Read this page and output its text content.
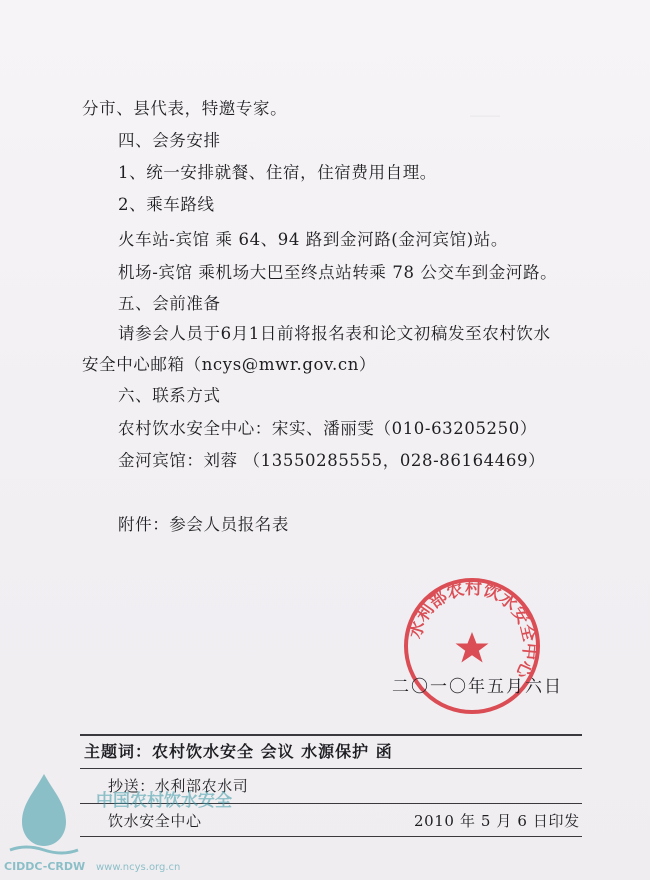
＿
分市、县代表，特邀专家。
四、会务安排
1、统一安排就餐、住宿，住宿费用自理。
2、乘车路线
火车站-宾馆 乘 64、94 路到金河路(金河宾馆)站。
机场-宾馆 乘机场大巴至终点站转乘 78 公交车到金河路。
五、会前准备
请参会人员于6月1日前将报名表和论文初稿发至农村饮水
安全中心邮箱（ncys@mwr.gov.cn）
六、联系方式
农村饮水安全中心：宋实、潘丽雯（010-63205250）
金河宾馆：刘蓉 （13550285555，028-86164469）
附件：参会人员报名表
水利部农村饮水安全中心
二〇一〇年五月六日
主题词：农村饮水安全 会议 水源保护 函
抄送：水利部农水司
饮水安全中心	2010 年 5 月 6 日印发
中国农村饮水安全
CIDDC-CRDW www.ncys.org.cn
